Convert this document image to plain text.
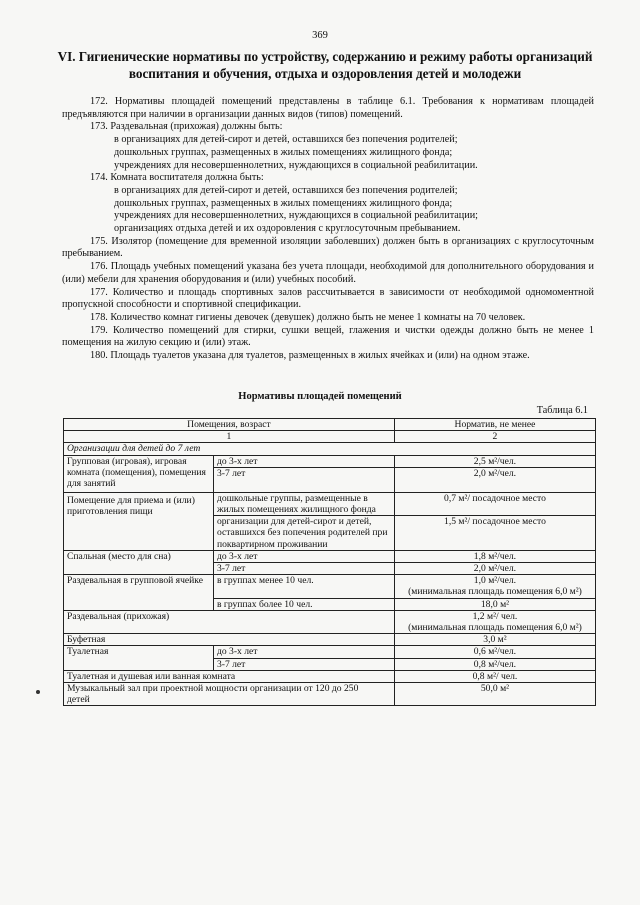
369
VI. Гигиенические нормативы по устройству, содержанию и режиму работы организаций воспитания и обучения, отдыха и оздоровления детей и молодежи

172. Нормативы площадей помещений представлены в таблице 6.1. Требования к нормативам площадей предъявляются при наличии в организации данных видов (типов) помещений.

173. Раздевальная (прихожая) должны быть:

в организациях для детей-сирот и детей, оставшихся без попечения родителей;

дошкольных группах, размещенных в жилых помещениях жилищного фонда;

учреждениях для несовершеннолетних, нуждающихся в социальной реабилитации.

174. Комната воспитателя должна быть:

в организациях для детей-сирот и детей, оставшихся без попечения родителей;

дошкольных группах, размещенных в жилых помещениях жилищного фонда;

учреждениях для несовершеннолетних, нуждающихся в социальной реабилитации;

организациях отдыха детей и их оздоровления с круглосуточным пребыванием.

175. Изолятор (помещение для временной изоляции заболевших) должен быть в организациях с круглосуточным пребыванием.

176. Площадь учебных помещений указана без учета площади, необходимой для дополнительного оборудования и (или) мебели для хранения оборудования и (или) учебных пособий.

177. Количество и площадь спортивных залов рассчитывается в зависимости от необходимой одномоментной пропускной способности и спортивной спецификации.

178. Количество комнат гигиены девочек (девушек) должно быть не менее 1 комнаты на 70 человек.

179. Количество помещений для стирки, сушки вещей, глажения и чистки одежды должно быть не менее 1 помещения на жилую секцию и (или) этаж.

180. Площадь туалетов указана для туалетов, размещенных в жилых ячейках и (или) на одном этаже.

Нормативы площадей помещений
Таблица 6.1
Помещения, возраст		Норматив, не менее
1		2
Организации для детей до 7 лет		
Групповая (игровая), игровая комната (помещения), помещения для занятий	до 3-х лет	2,5 м²/чел.
	3-7 лет	2,0 м²/чел.
Помещение для приема и (или) приготовления пищи	дошкольные группы, размещенные в жилых помещениях жилищного фонда	0,7 м²/ посадочное место
	организации для детей-сирот и детей, оставшихся без попечения родителей при поквартирном проживании	1,5 м²/ посадочное место
Спальная (место для сна)	до 3-х лет	1,8 м²/чел.
	3-7 лет	2,0 м²/чел.
Раздевальная в групповой ячейке	в группах менее 10 чел.	1,0 м²/чел.
(минимальная площадь помещения 6,0 м²)

	в группах более 10 чел.	18,0 м²
Раздевальная (прихожая)		1,2 м²/ чел.
(минимальная площадь помещения 6,0 м²)

Буфетная		3,0 м²
Туалетная	до 3-х лет	0,6 м²/чел.
	3-7 лет	0,8 м²/чел.
Туалетная и душевая или ванная комната		0,8 м²/ чел.

Музыкальный зал при проектной мощности организации от 120 до 250 детей		50,0 м²
